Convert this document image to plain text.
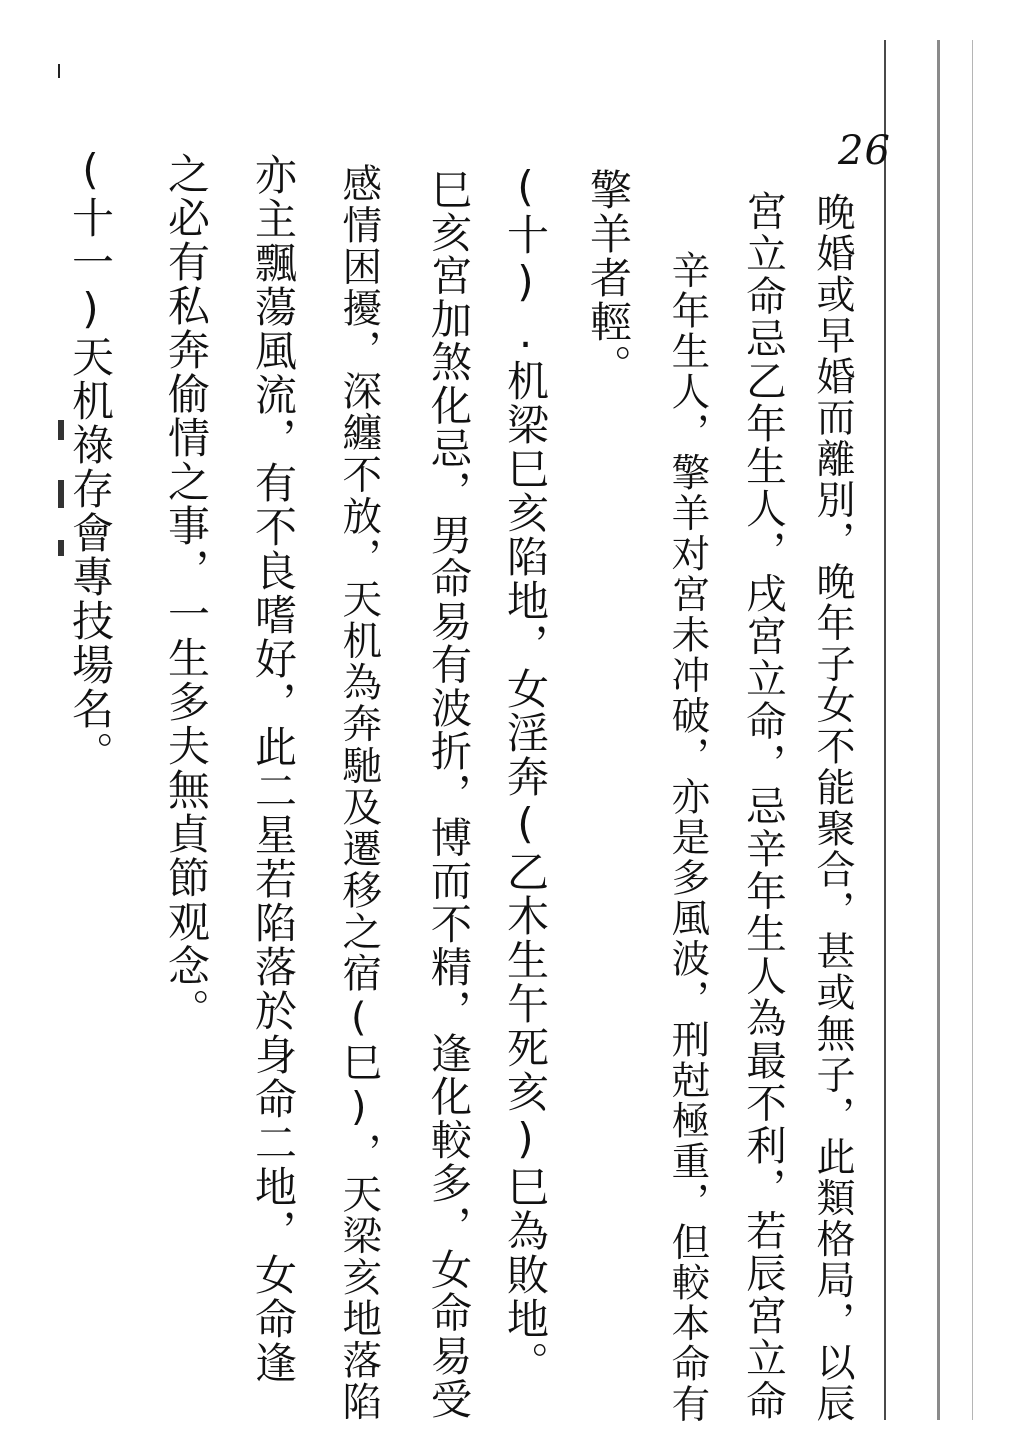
26
晚婚或早婚而離別，晚年子女不能聚合，甚或無子，此類格局，以辰
宮立命忌乙年生人，戌宮立命，忌辛年生人為最不利，若辰宮立命
辛年生人，擎羊对宮未冲破，亦是多風波，刑尅極重，但較本命有
擎羊者輕。
(十).机梁巳亥陷地，女淫奔(乙木生午死亥)巳為敗地。
巳亥宮加煞化忌，男命易有波折，博而不精，逢化較多，女命易受
感情困擾，深纏不放，天机為奔馳及遷移之宿(巳)，天梁亥地落陷
亦主飄蕩風流，有不良嗜好，此二星若陷落於身命二地，女命逢
之必有私奔偷情之事，一生多夫無貞節观念。
(十一)天机祿存會專技場名。
